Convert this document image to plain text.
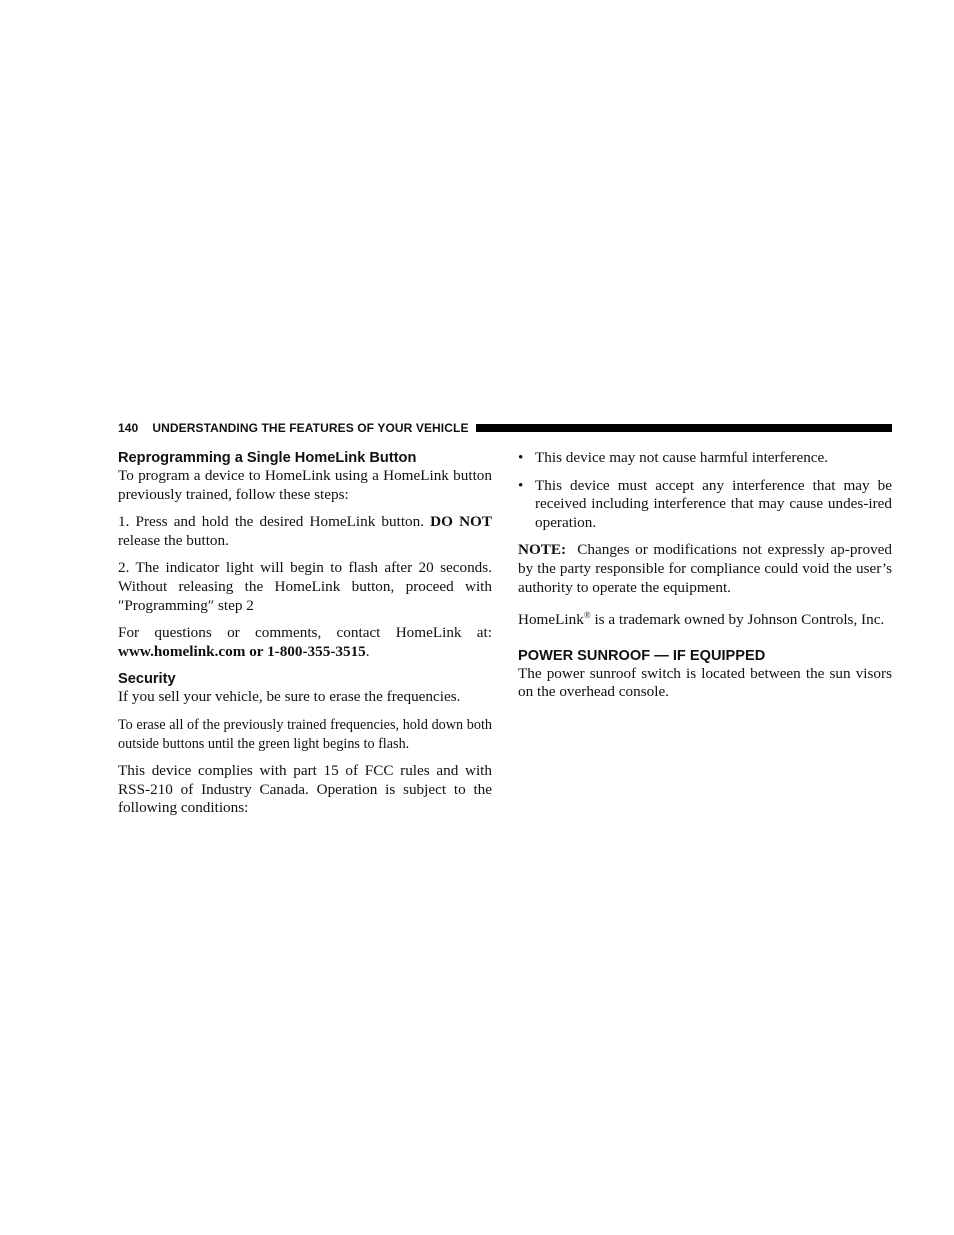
140 UNDERSTANDING THE FEATURES OF YOUR VEHICLE
Reprogramming a Single HomeLink Button

To program a device to HomeLink using a HomeLink button previously trained, follow these steps:

1. Press and hold the desired HomeLink button. DO NOT release the button.

2. The indicator light will begin to flash after 20 seconds. Without releasing the HomeLink button, proceed with ″Programming″ step 2

For questions or comments, contact HomeLink at: www.homelink.com or 1-800-355-3515.

Security

If you sell your vehicle, be sure to erase the frequencies.

To erase all of the previously trained frequencies, hold down both outside buttons until the green light begins to flash.

This device complies with part 15 of FCC rules and with RSS-210 of Industry Canada. Operation is subject to the following conditions:

• This device may not cause harmful interference.
• This device must accept any interference that may be received including interference that may cause undes-ired operation.

NOTE:  Changes or modifications not expressly ap-proved by the party responsible for compliance could void the user’s authority to operate the equipment.

HomeLink® is a trademark owned by Johnson Controls, Inc.

POWER SUNROOF — IF EQUIPPED

The power sunroof switch is located between the sun visors on the overhead console.
